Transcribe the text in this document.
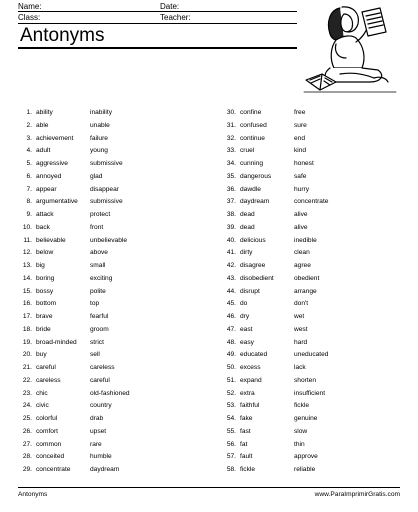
Name:	Date:
Class:	Teacher:
Antonyms
1. ability	inability
2. able	unable
3. achievement	failure
4. adult	young
5. aggressive	submissive
6. annoyed	glad
7. appear	disappear
8. argumentative submissive
9. attack	protect
10. back	front
11. believable	unbelievable
12. below	above
13. big	small
14. boring	exciting
15. bossy	polite
16. bottom	top
17. brave	fearful
18. bride	groom
19. broad-minded strict
20. buy	sell
21. careful	careless
22. careless	careful
23. chic	old-fashioned
24. civic	country
25. colorful	drab
26. comfort	upset
27. common	rare
28. conceited	humble
29. concentrate	daydream
30. confine	free
31. confused	sure
32. continue	end
33. cruel	kind
34. cunning	honest
35. dangerous	safe
36. dawdle	hurry
37. daydream	concentrate
38. dead	alive
39. dead	alive
40. delicious	inedible
41. dirty	clean
42. disagree	agree
43. disobedient	obedient
44. disrupt	arrange
45. do	don't
46. dry	wet
47. east	west
48. easy	hard
49. educated	uneducated
50. excess	lack
51. expand	shorten
52. extra	insufficient
53. faithful	fickle
54. fake	genuine
55. fast	slow
56. fat	thin
57. fault	approve
58. fickle	reliable
Antonyms	www.ParaImprimirGratis.com
